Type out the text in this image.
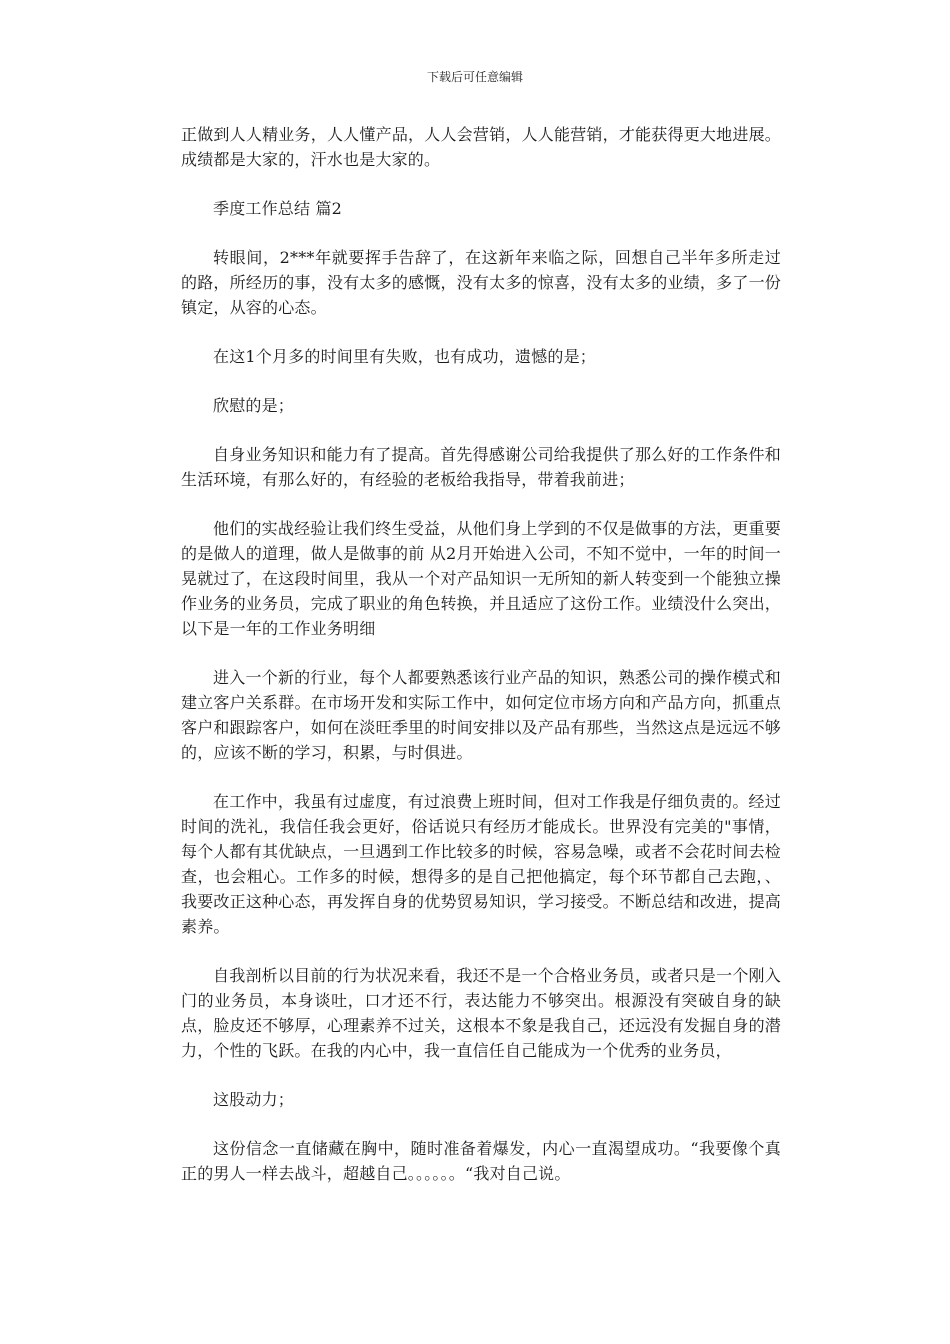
下载后可任意编辑

正做到人人精业务，人人懂产品，人人会营销，人人能营销，才能获得更大地进展。成绩都是大家的，汗水也是大家的。

季度工作总结 篇2

转眼间，2***年就要挥手告辞了，在这新年来临之际，回想自己半年多所走过的路，所经历的事，没有太多的感慨，没有太多的惊喜，没有太多的业绩，多了一份镇定，从容的心态。

在这1个月多的时间里有失败，也有成功，遗憾的是；

欣慰的是；

自身业务知识和能力有了提高。首先得感谢公司给我提供了那么好的工作条件和生活环境，有那么好的，有经验的老板给我指导，带着我前进；

他们的实战经验让我们终生受益，从他们身上学到的不仅是做事的方法，更重要的是做人的道理，做人是做事的前 从2月开始进入公司，不知不觉中，一年的时间一晃就过了，在这段时间里，我从一个对产品知识一无所知的新人转变到一个能独立操作业务的业务员，完成了职业的角色转换，并且适应了这份工作。业绩没什么突出，以下是一年的工作业务明细

进入一个新的行业，每个人都要熟悉该行业产品的知识，熟悉公司的操作模式和建立客户关系群。在市场开发和实际工作中，如何定位市场方向和产品方向，抓重点客户和跟踪客户，如何在淡旺季里的时间安排以及产品有那些，当然这点是远远不够的，应该不断的学习，积累，与时俱进。

在工作中，我虽有过虚度，有过浪费上班时间，但对工作我是仔细负责的。经过时间的洗礼，我信任我会更好，俗话说只有经历才能成长。世界没有完美的"事情，每个人都有其优缺点，一旦遇到工作比较多的时候，容易急噪，或者不会花时间去检查，也会粗心。工作多的时候，想得多的是自己把他搞定，每个环节都自己去跑，、我要改正这种心态，再发挥自身的优势贸易知识，学习接受。不断总结和改进，提高素养。

自我剖析以目前的行为状况来看，我还不是一个合格业务员，或者只是一个刚入门的业务员，本身谈吐，口才还不行，表达能力不够突出。根源没有突破自身的缺点，脸皮还不够厚，心理素养不过关，这根本不象是我自己，还远没有发掘自身的潜力，个性的飞跃。在我的内心中，我一直信任自己能成为一个优秀的业务员，

这股动力；

这份信念一直储藏在胸中，随时准备着爆发，内心一直渴望成功。“我要像个真正的男人一样去战斗，超越自己。。。。。。“我对自己说。
